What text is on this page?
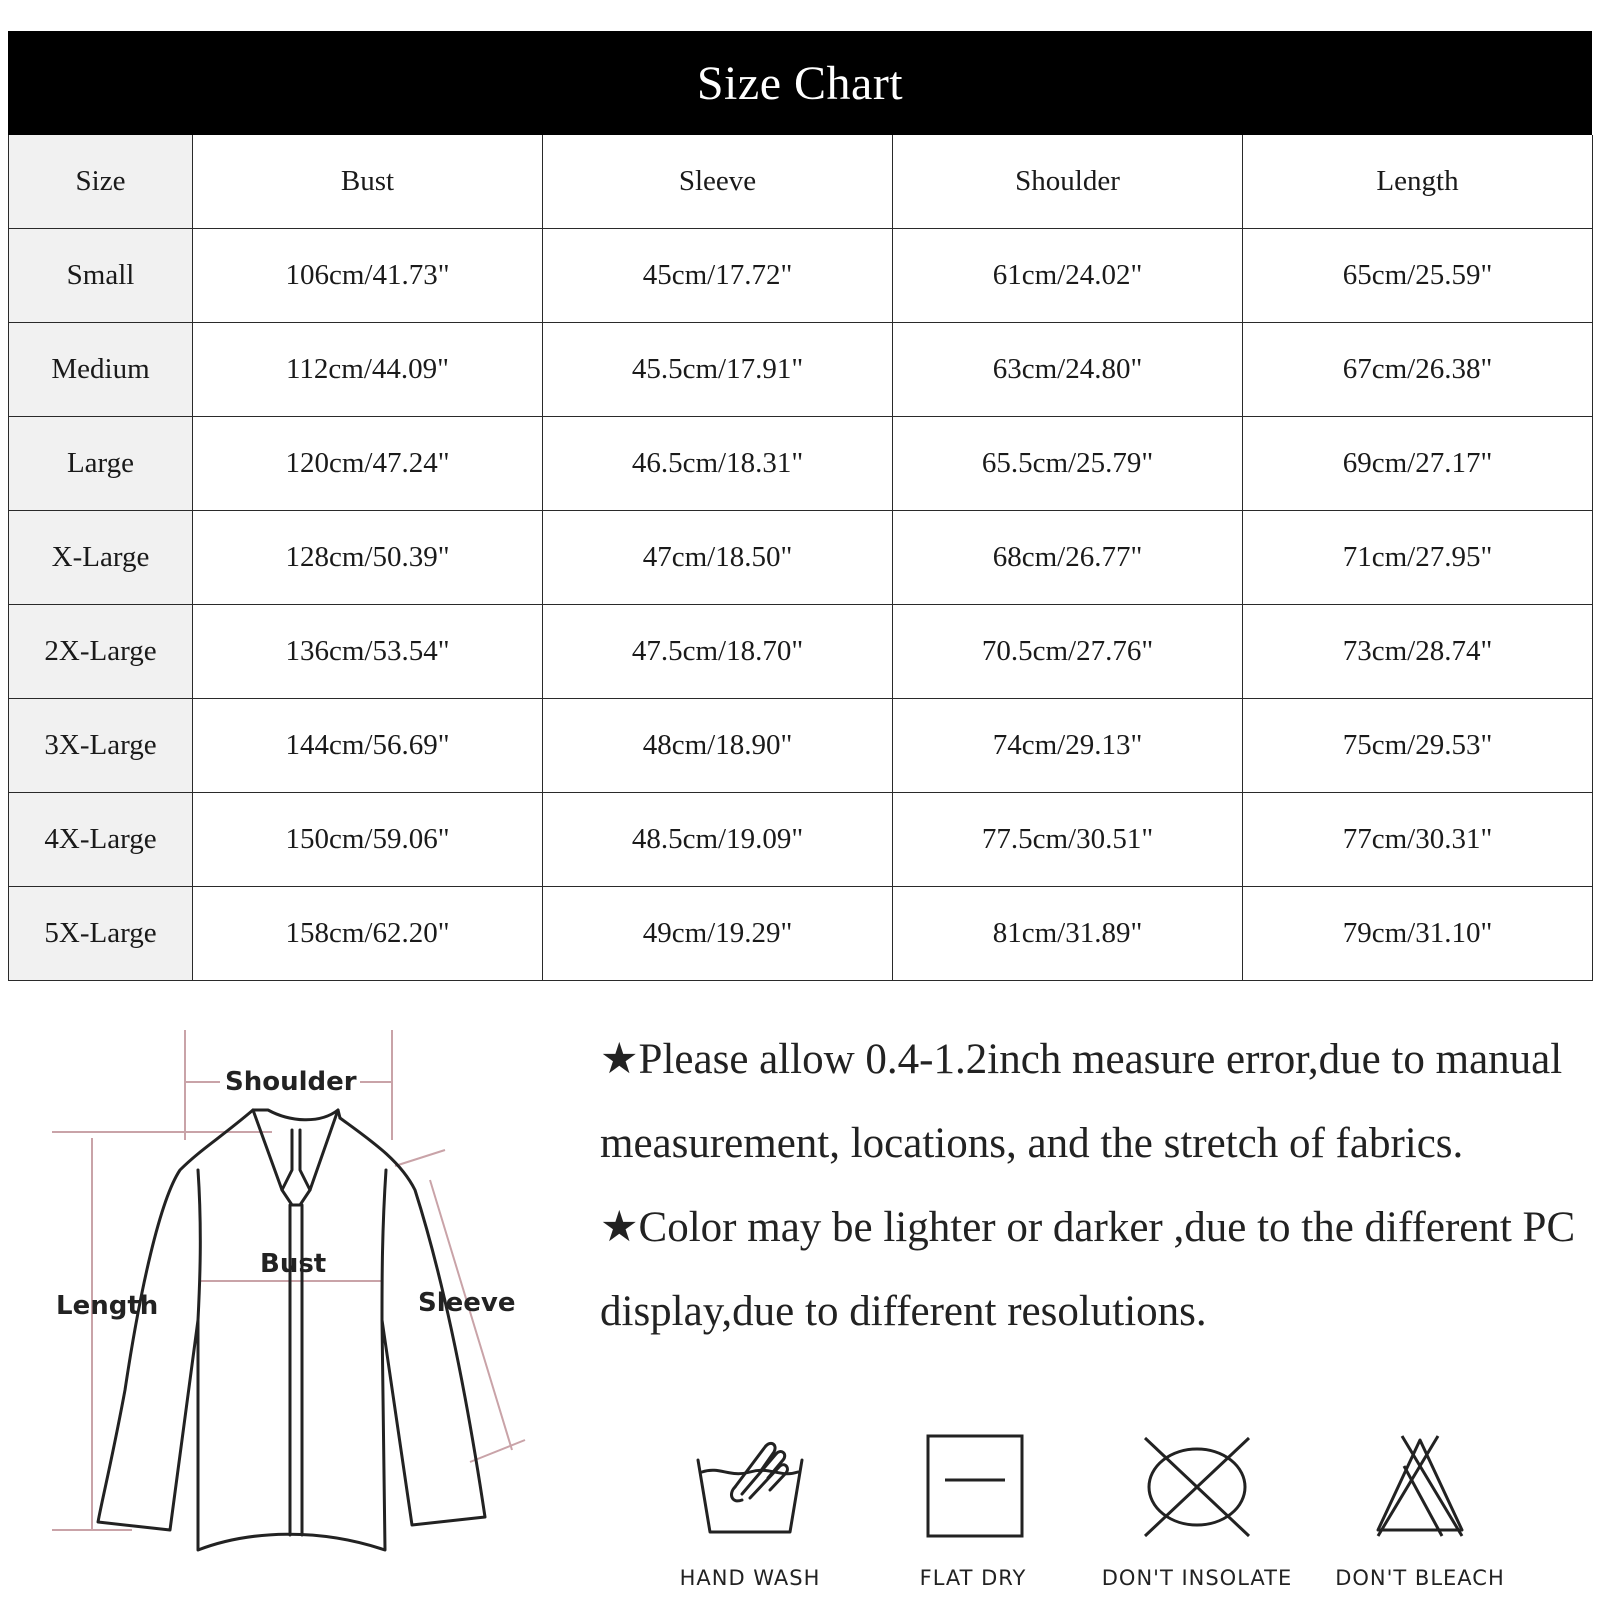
Size Chart
Size	Bust	Sleeve	Shoulder	Length
Small	106cm/41.73"	45cm/17.72"	61cm/24.02"	65cm/25.59"
Medium	112cm/44.09"	45.5cm/17.91"	63cm/24.80"	67cm/26.38"
Large	120cm/47.24"	46.5cm/18.31"	65.5cm/25.79"	69cm/27.17"
X-Large	128cm/50.39"	47cm/18.50"	68cm/26.77"	71cm/27.95"
2X-Large	136cm/53.54"	47.5cm/18.70"	70.5cm/27.76"	73cm/28.74"
3X-Large	144cm/56.69"	48cm/18.90"	74cm/29.13"	75cm/29.53"
4X-Large	150cm/59.06"	48.5cm/19.09"	77.5cm/30.51"	77cm/30.31"
5X-Large	158cm/62.20"	49cm/19.29"	81cm/31.89"	79cm/31.10"
Shoulder
Bust
Length	Sleeve

★Please allow 0.4-1.2inch measure error,due to manual measurement, locations, and the stretch of fabrics.

★Color may be lighter or darker ,due to the different PC display,due to different resolutions.

HAND WASH	FLAT DRY	DON'T INSOLATE	DON'T BLEACH
